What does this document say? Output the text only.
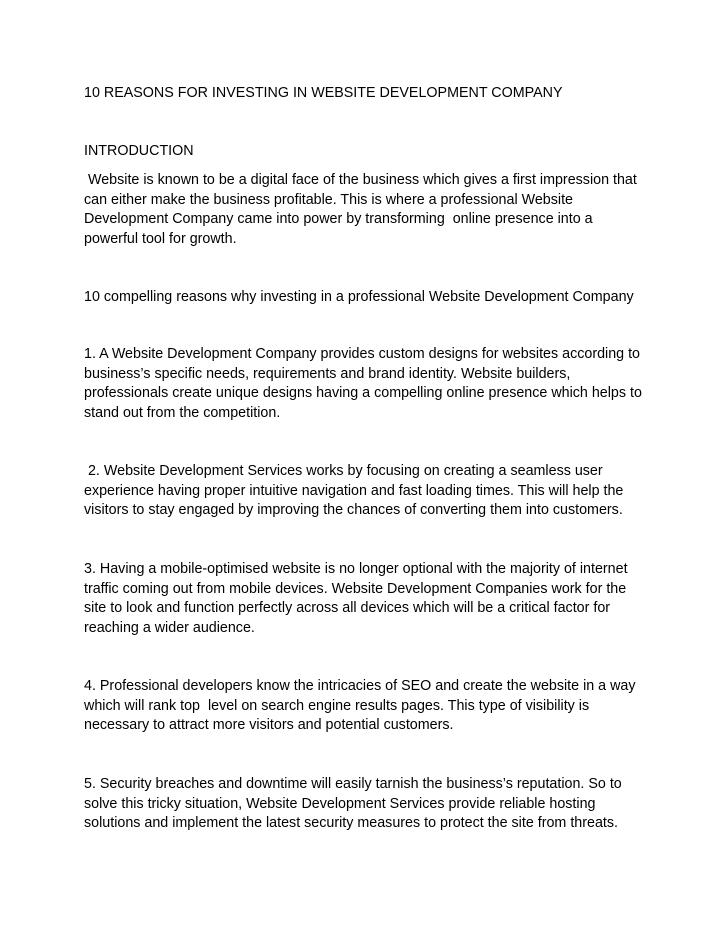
10 REASONS FOR INVESTING IN WEBSITE DEVELOPMENT COMPANY

INTRODUCTION

Website is known to be a digital face of the business which gives a first impression that can either make the business profitable. This is where a professional Website Development Company came into power by transforming  online presence into a powerful tool for growth.

10 compelling reasons why investing in a professional Website Development Company

1. A Website Development Company provides custom designs for websites according to business’s specific needs, requirements and brand identity. Website builders, professionals create unique designs having a compelling online presence which helps to stand out from the competition.

2. Website Development Services works by focusing on creating a seamless user experience having proper intuitive navigation and fast loading times. This will help the visitors to stay engaged by improving the chances of converting them into customers.

3. Having a mobile-optimised website is no longer optional with the majority of internet traffic coming out from mobile devices. Website Development Companies work for the site to look and function perfectly across all devices which will be a critical factor for reaching a wider audience.

4. Professional developers know the intricacies of SEO and create the website in a way which will rank top  level on search engine results pages. This type of visibility is necessary to attract more visitors and potential customers.

5. Security breaches and downtime will easily tarnish the business’s reputation. So to solve this tricky situation, Website Development Services provide reliable hosting solutions and implement the latest security measures to protect the site from threats.
